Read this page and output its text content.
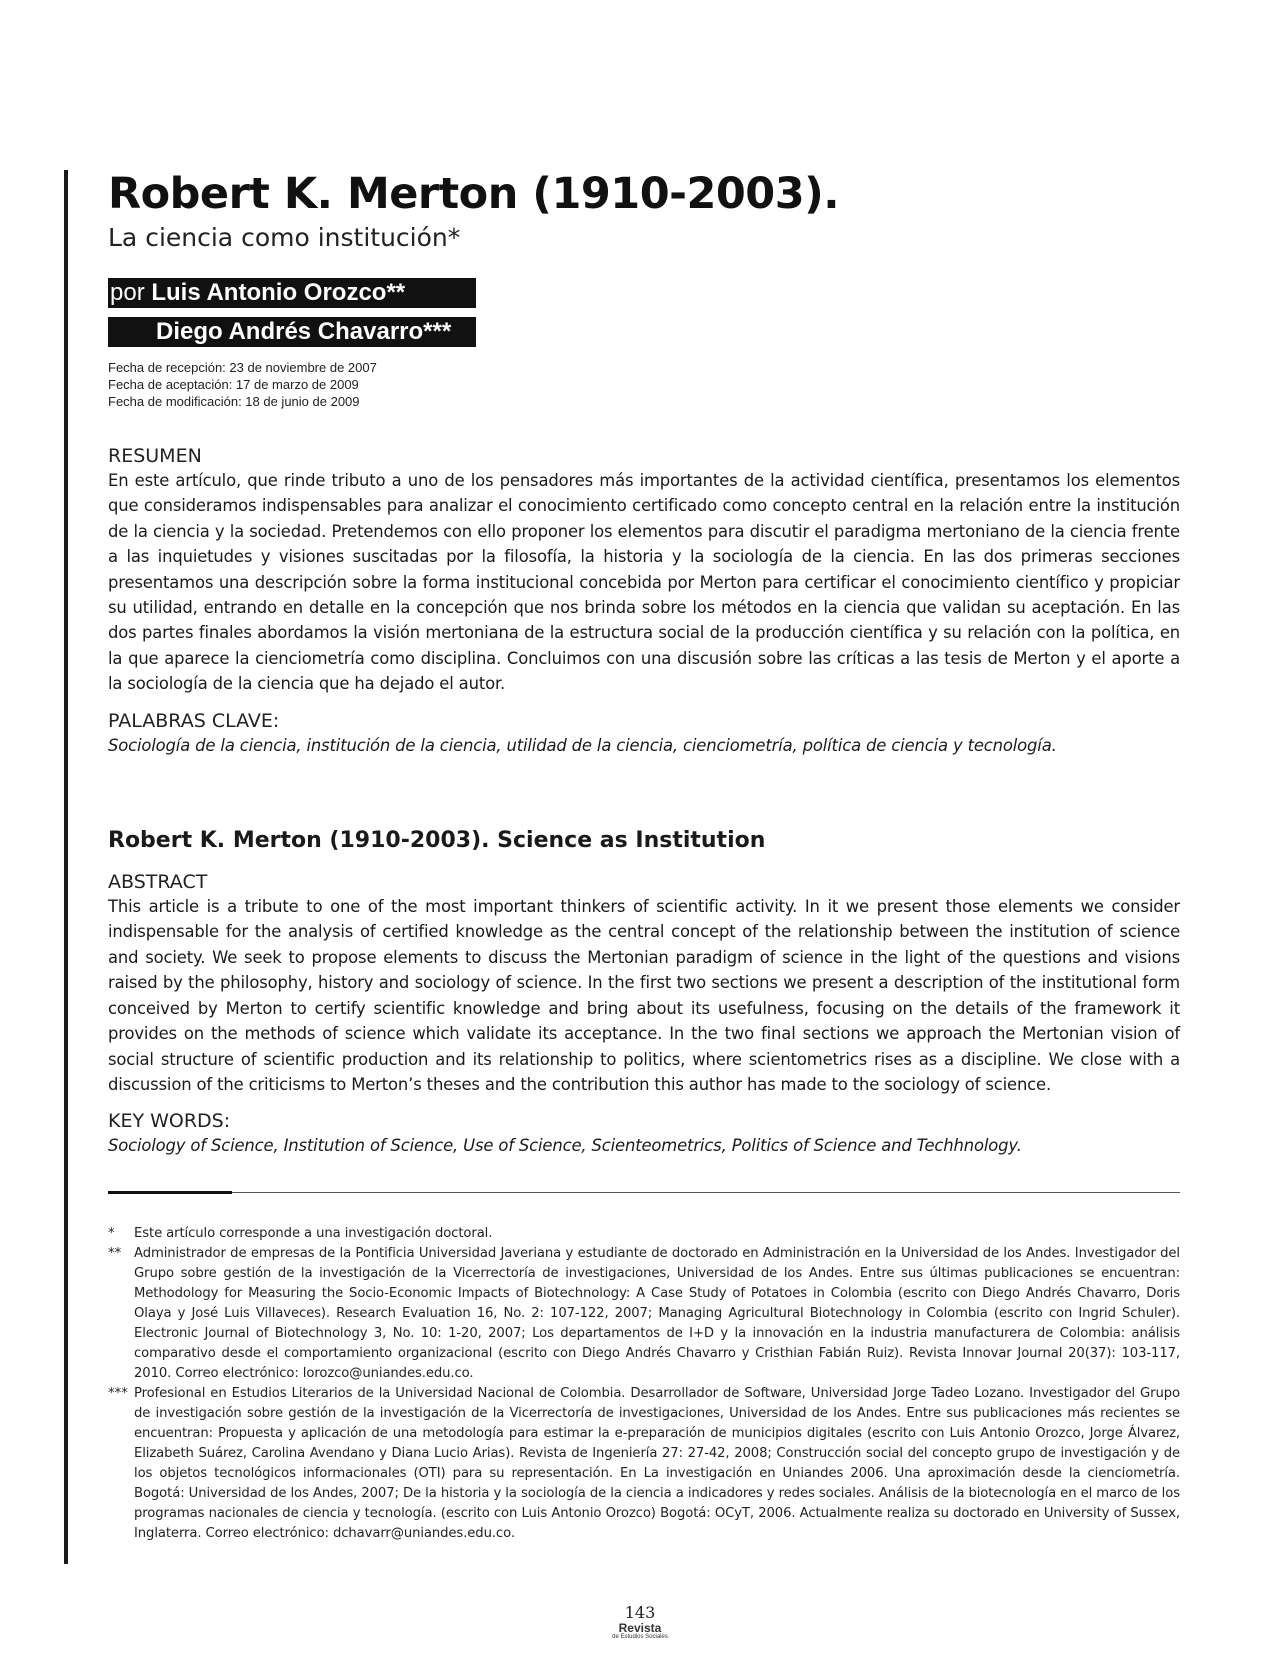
Robert K. Merton (1910-2003).
La ciencia como institución*
por Luis Antonio Orozco**
Diego Andrés Chavarro***
Fecha de recepción: 23 de noviembre de 2007
Fecha de aceptación: 17 de marzo de 2009
Fecha de modificación: 18 de junio de 2009
RESUMEN

En este artículo, que rinde tributo a uno de los pensadores más importantes de la actividad científica, presentamos los elementos que consideramos indispensables para analizar el conocimiento certificado como concepto central en la relación entre la institución de la ciencia y la sociedad. Pretendemos con ello proponer los elementos para discutir el paradigma mertoniano de la ciencia frente a las inquietudes y visiones suscitadas por la filosofía, la historia y la sociología de la ciencia. En las dos primeras secciones presentamos una descripción sobre la forma institucional concebida por Merton para certificar el conocimiento científico y propiciar su utilidad, entrando en detalle en la concepción que nos brinda sobre los métodos en la ciencia que validan su aceptación. En las dos partes finales abordamos la visión mertoniana de la estructura social de la producción científica y su relación con la política, en la que aparece la cienciometría como disciplina. Concluimos con una discusión sobre las críticas a las tesis de Merton y el aporte a la sociología de la ciencia que ha dejado el autor.

PALABRAS CLAVE:

Sociología de la ciencia, institución de la ciencia, utilidad de la ciencia, cienciometría, política de ciencia y tecnología.

Robert K. Merton (1910-2003). Science as Institution
ABSTRACT

This article is a tribute to one of the most important thinkers of scientific activity. In it we present those elements we consider indispensable for the analysis of certified knowledge as the central concept of the relationship between the institution of science and society. We seek to propose elements to discuss the Mertonian paradigm of science in the light of the questions and visions raised by the philosophy, history and sociology of science. In the first two sections we present a description of the institutional form conceived by Merton to certify scientific knowledge and bring about its usefulness, focusing on the details of the framework it provides on the methods of science which validate its acceptance. In the two final sections we approach the Mertonian vision of social structure of scientific production and its relationship to politics, where scientometrics rises as a discipline. We close with a discussion of the criticisms to Merton’s theses and the contribution this author has made to the sociology of science.

KEY WORDS:

Sociology of Science, Institution of Science, Use of Science, Scienteometrics, Politics of Science and Techhnology.

*	Este artículo corresponde a una investigación doctoral.
** Administrador de empresas de la Pontificia Universidad Javeriana y estudiante de doctorado en Administración en la Universidad de los Andes. Investigador del Grupo sobre gestión de la investigación de la Vicerrectoría de investigaciones, Universidad de los Andes. Entre sus últimas publicaciones se encuentran: Methodology for Measuring the Socio-Economic Impacts of Biotechnology: A Case Study of Potatoes in Colombia (escrito con Diego Andrés Chavarro, Doris Olaya y José Luis Villaveces). Research Evaluation 16, No. 2: 107-122, 2007; Managing Agricultural Biotechnology in Colombia (escrito con Ingrid Schuler). Electronic Journal of Biotechnology 3, No. 10: 1-20, 2007; Los departamentos de I+D y la innovación en la industria manufacturera de Colombia: análisis comparativo desde el comportamiento organizacional (escrito con Diego Andrés Chavarro y Cristhian Fabián Ruiz). Revista Innovar Journal 20(37): 103-117, 2010. Correo electrónico: lorozco@uniandes.edu.co.
*** Profesional en Estudios Literarios de la Universidad Nacional de Colombia. Desarrollador de Software, Universidad Jorge Tadeo Lozano. Investigador del Grupo de investigación sobre gestión de la investigación de la Vicerrectoría de investigaciones, Universidad de los Andes. Entre sus publicaciones más recientes se encuentran: Propuesta y aplicación de una metodología para estimar la e-preparación de municipios digitales (escrito con Luis Antonio Orozco, Jorge Álvarez, Elizabeth Suárez, Carolina Avendano y Diana Lucio Arias). Revista de Ingeniería 27: 27-42, 2008; Construcción social del concepto grupo de investigación y de los objetos tecnológicos informacionales (OTI) para su representación. En La investigación en Uniandes 2006. Una aproximación desde la cienciometría. Bogotá: Universidad de los Andes, 2007; De la historia y la sociología de la ciencia a indicadores y redes sociales. Análisis de la biotecnología en el marco de los programas nacionales de ciencia y tecnología. (escrito con Luis Antonio Orozco) Bogotá: OCyT, 2006. Actualmente realiza su doctorado en University of Sussex, Inglaterra. Correo electrónico: dchavarr@uniandes.edu.co.
143
Revista
de Estudios Sociales
